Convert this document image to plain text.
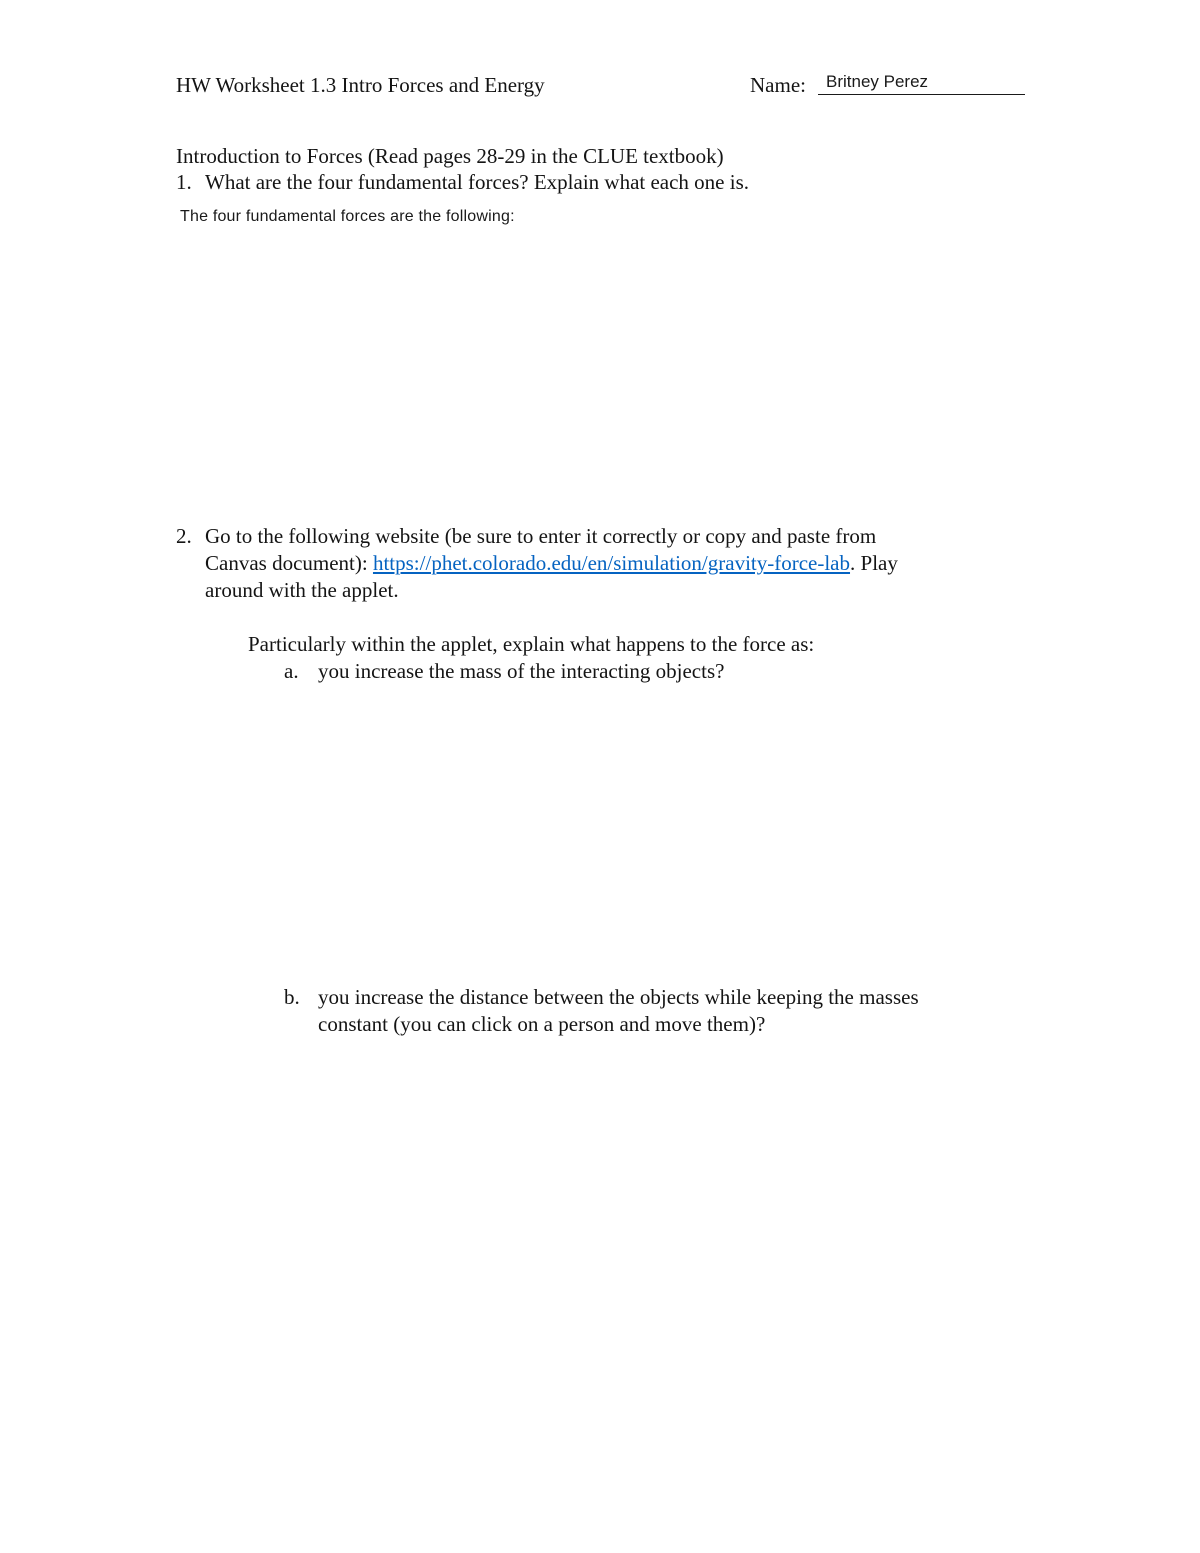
HW Worksheet 1.3 Intro Forces and Energy	Name: Britney Perez
Introduction to Forces (Read pages 28-29 in the CLUE textbook)
1. What are the four fundamental forces? Explain what each one is.
The four fundamental forces are the following:
2. Go to the following website (be sure to enter it correctly or copy and paste from
Canvas document): https://phet.colorado.edu/en/simulation/gravity-force-lab. Play
around with the applet.
Particularly within the applet, explain what happens to the force as:
a. you increase the mass of the interacting objects?
b. you increase the distance between the objects while keeping the masses
constant (you can click on a person and move them)?
